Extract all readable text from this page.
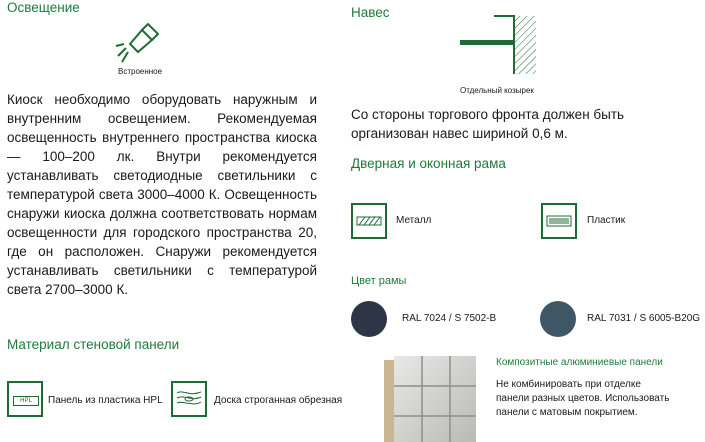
Освещение
Встроенное
Киоск необходимо оборудовать наружным и внутренним освещением. Рекомендуемая освещенность внутреннего пространства киоска — 100–200 лк. Внутри рекомендуется устанавливать светодиодные светильники с температурой света 3000–4000 К. Освещенность снаружи киоска должна соответствовать нормам освещенности для городского пространства 20, где он расположен. Снаружи рекомендуется устанавливать светильники с температурой света 2700–3000 К.
Материал стеновой панели
HPL	Панель из пластика HPL	Доска строганная обрезная
Навес
Отдельный козырек
Со стороны торгового фронта должен быть организован навес шириной 0,6 м.
Дверная и оконная рама
Металл	Пластик
Цвет рамы
RAL 7024 / S 7502-B	RAL 7031 / S 6005-B20G
Композитные алюминиевые панели
Не комбинировать при отделке панели разных цветов. Использовать панели с матовым покрытием.
